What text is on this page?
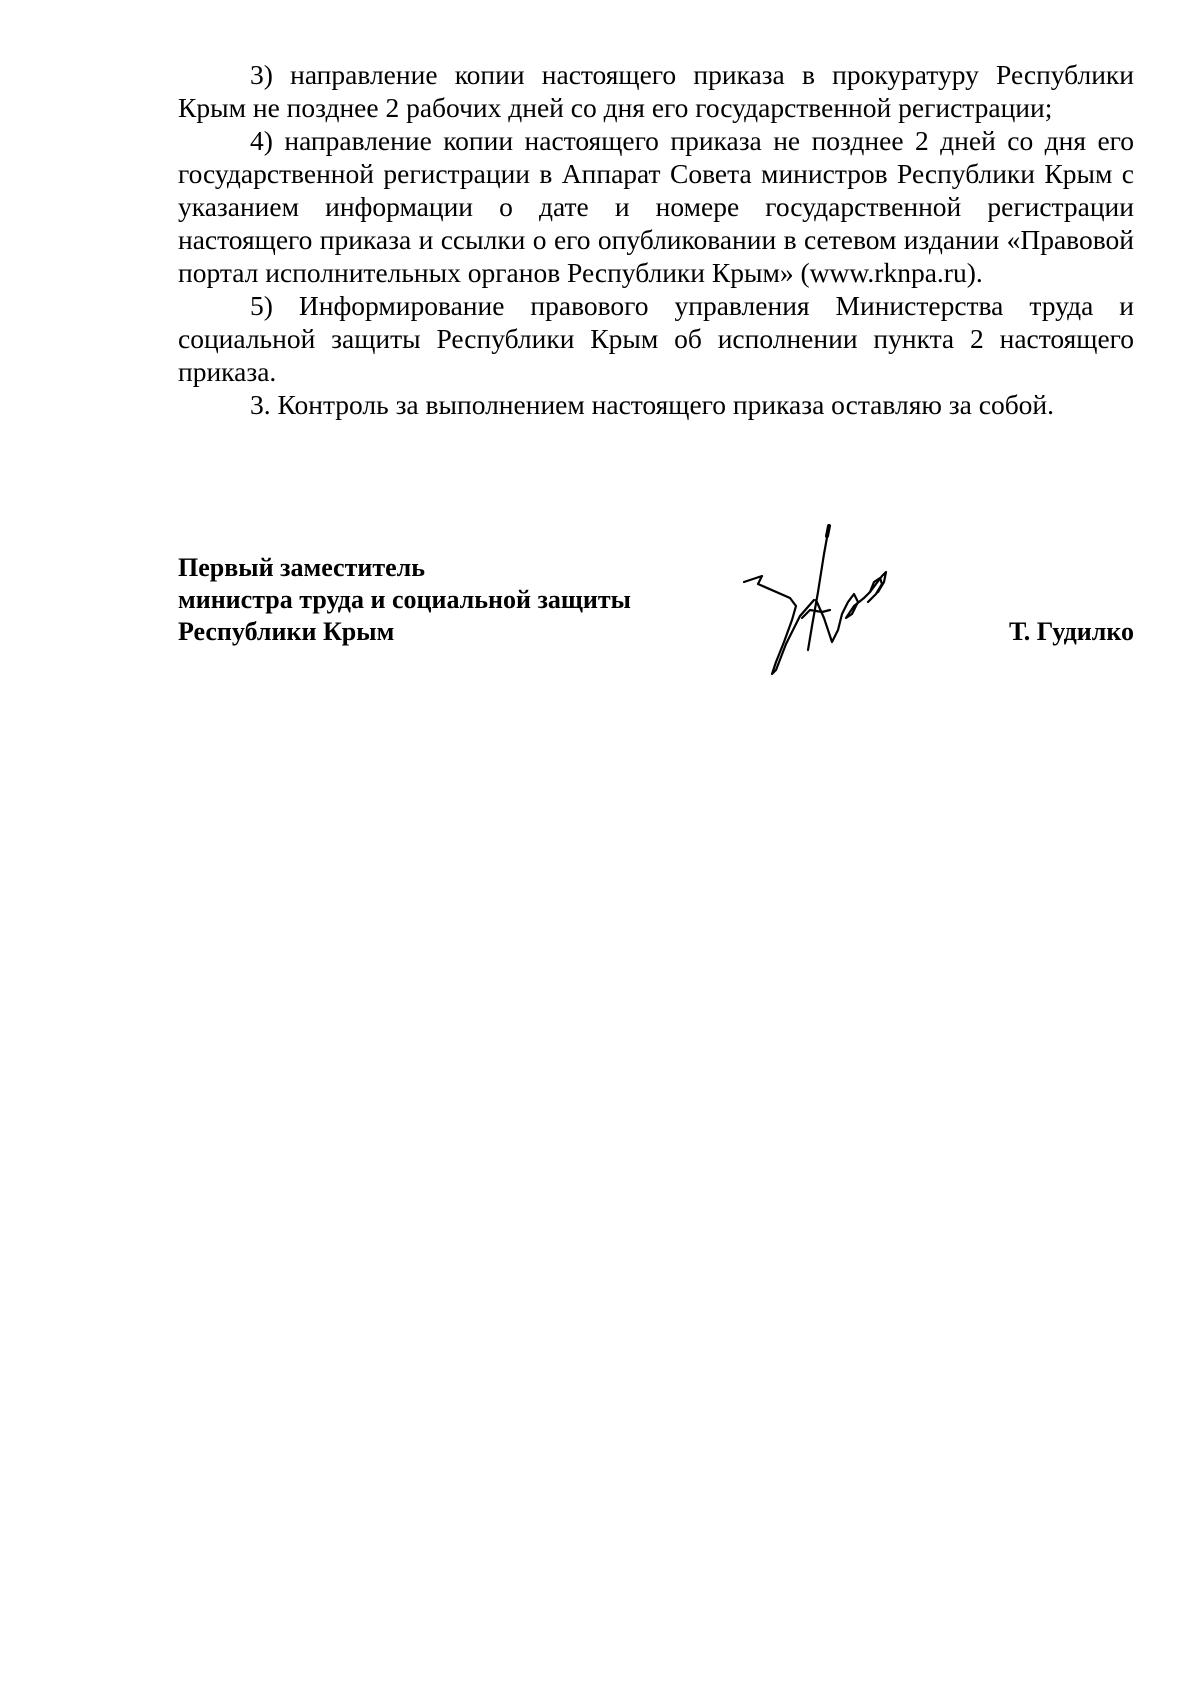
3) направление копии настоящего приказа в прокуратуру Республики Крым не позднее 2 рабочих дней со дня его государственной регистрации;

4) направление копии настоящего приказа не позднее 2 дней со дня его государственной регистрации в Аппарат Совета министров Республики Крым с указанием информации о дате и номере государственной регистрации настоящего приказа и ссылки о его опубликовании в сетевом издании «Правовой портал исполнительных органов Республики Крым» (www.rknpa.ru).

5) Информирование правового управления Министерства труда и социальной защиты Республики Крым об исполнении пункта 2 настоящего приказа.

3. Контроль за выполнением настоящего приказа оставляю за собой.

Первый заместитель
министра труда и социальной защиты
Республики Крым	Т. Гудилко
